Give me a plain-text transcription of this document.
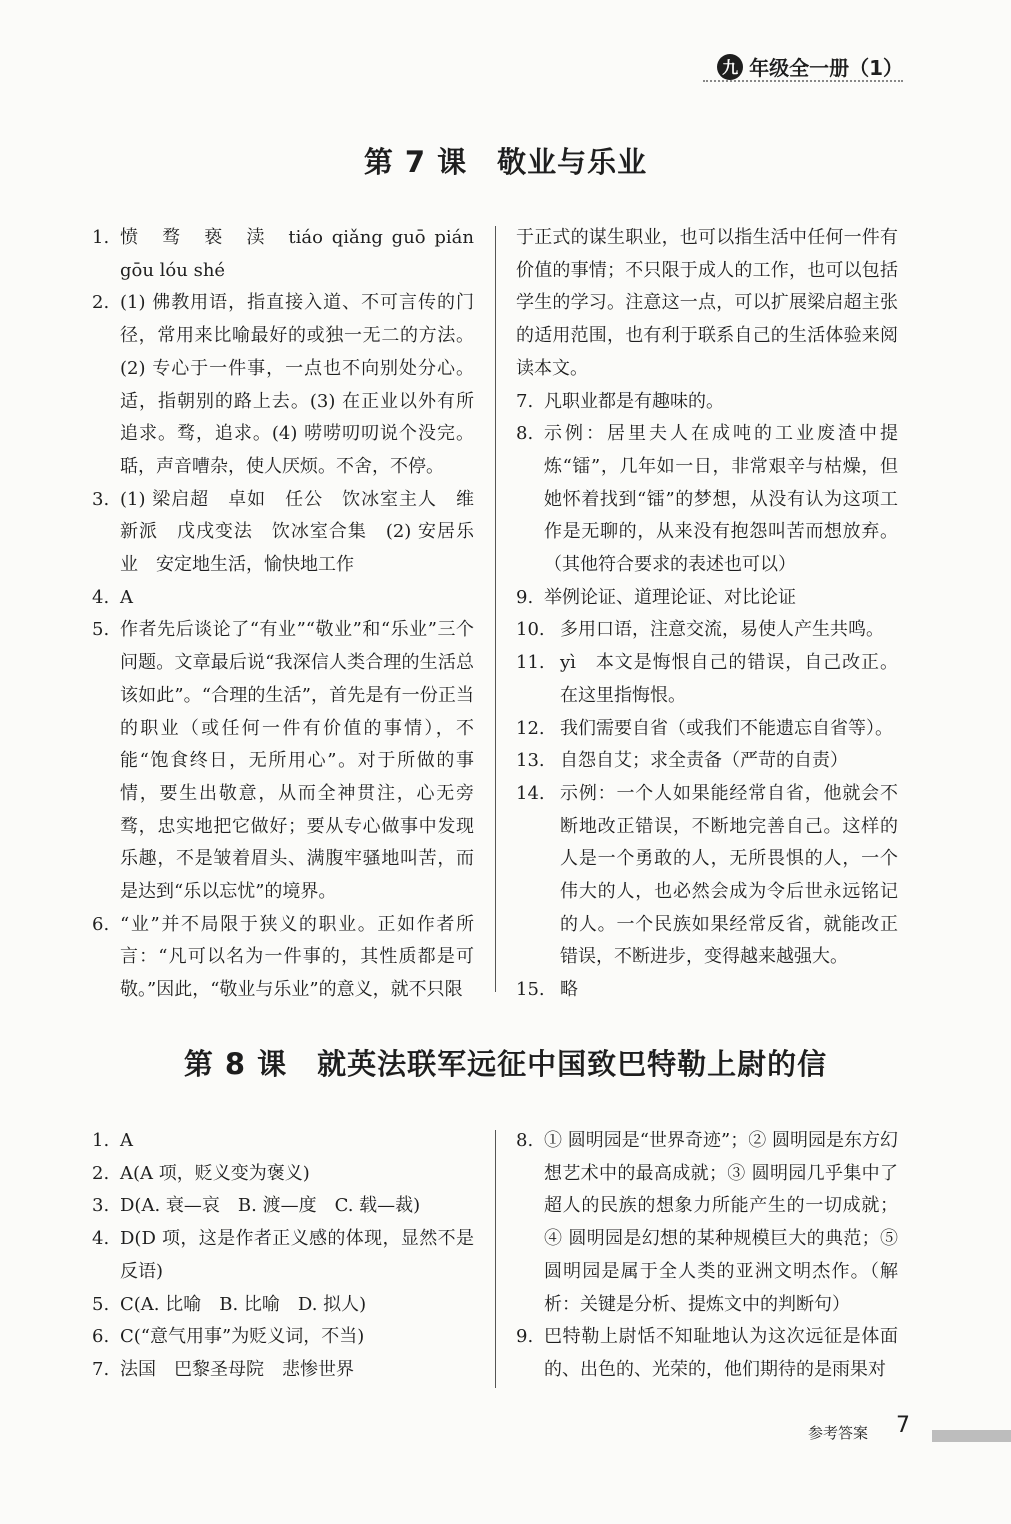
九 年级全一册（1）
第 7 课　敬业与乐业
1. 愤　骛　亵　渎　tiáo qiǎng guō pián gōu lóu shé
2. (1) 佛教用语，指直接入道、不可言传的门径，常用来比喻最好的或独一无二的方法。(2) 专心于一件事，一点也不向别处分心。适，指朝别的路上去。(3) 在正业以外有所追求。骛，追求。(4) 唠唠叨叨说个没完。聒，声音嘈杂，使人厌烦。不舍，不停。
3. (1) 梁启超　卓如　任公　饮冰室主人　维新派　戊戌变法　饮冰室合集　(2) 安居乐业　安定地生活，愉快地工作
4. A
5. 作者先后谈论了“有业”“敬业”和“乐业”三个问题。文章最后说“我深信人类合理的生活总该如此”。“合理的生活”，首先是有一份正当的职业（或任何一件有价值的事情），不能“饱食终日，无所用心”。对于所做的事情，要生出敬意，从而全神贯注，心无旁骛，忠实地把它做好；要从专心做事中发现乐趣，不是皱着眉头、满腹牢骚地叫苦，而是达到“乐以忘忧”的境界。
6. “业”并不局限于狭义的职业。正如作者所言：“凡可以名为一件事的，其性质都是可敬。”因此，“敬业与乐业”的意义，就不只限
于正式的谋生职业，也可以指生活中任何一件有价值的事情；不只限于成人的工作，也可以包括学生的学习。注意这一点，可以扩展梁启超主张的适用范围，也有利于联系自己的生活体验来阅读本文。
7. 凡职业都是有趣味的。
8. 示例：居里夫人在成吨的工业废渣中提炼“镭”，几年如一日，非常艰辛与枯燥，但她怀着找到“镭”的梦想，从没有认为这项工作是无聊的，从来没有抱怨叫苦而想放弃。（其他符合要求的表述也可以）
9. 举例论证、道理论证、对比论证
10. 多用口语，注意交流，易使人产生共鸣。
11. yì　本文是悔恨自己的错误，自己改正。在这里指悔恨。
12. 我们需要自省（或我们不能遗忘自省等）。
13. 自怨自艾；求全责备（严苛的自责）
14. 示例：一个人如果能经常自省，他就会不断地改正错误，不断地完善自己。这样的人是一个勇敢的人，无所畏惧的人，一个伟大的人，也必然会成为令后世永远铭记的人。一个民族如果经常反省，就能改正错误，不断进步，变得越来越强大。
15. 略
第 8 课　就英法联军远征中国致巴特勒上尉的信
1. A
2. A(A 项，贬义变为褒义)
3. D(A. 衰—哀　B. 渡—度　C. 载—裁)
4. D(D 项，这是作者正义感的体现，显然不是反语)
5. C(A. 比喻　B. 比喻　D. 拟人)
6. C(“意气用事”为贬义词，不当)
7. 法国　巴黎圣母院　悲惨世界
8. ① 圆明园是“世界奇迹”；② 圆明园是东方幻想艺术中的最高成就；③ 圆明园几乎集中了超人的民族的想象力所能产生的一切成就；④ 圆明园是幻想的某种规模巨大的典范；⑤ 圆明园是属于全人类的亚洲文明杰作。（解析：关键是分析、提炼文中的判断句）
9. 巴特勒上尉恬不知耻地认为这次远征是体面的、出色的、光荣的，他们期待的是雨果对
参考答案 7
